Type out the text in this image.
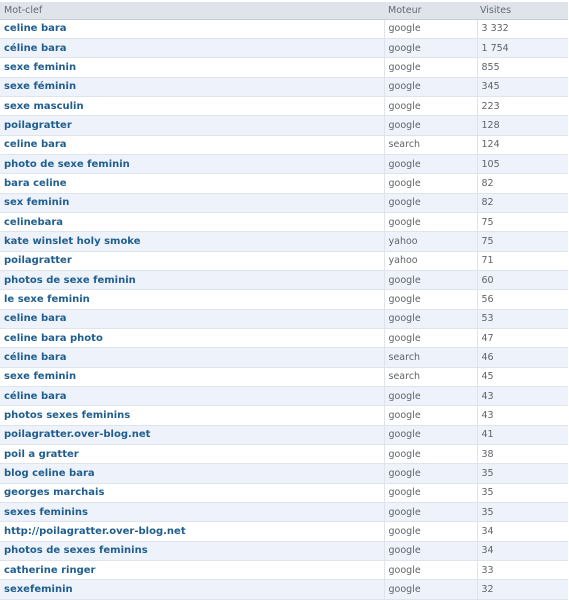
Mot-clef	Moteur	Visites
celine bara	google	3 332
céline bara	google	1 754
sexe feminin	google	855
sexe féminin	google	345
sexe masculin	google	223
poilagratter	google	128
celine bara	search	124
photo de sexe feminin	google	105
bara celine	google	82
sex feminin	google	82
celinebara	google	75
kate winslet holy smoke	yahoo	75
poilagratter	yahoo	71
photos de sexe feminin	google	60
le sexe feminin	google	56
celine bara	google	53
celine bara photo	google	47
céline bara	search	46
sexe feminin	search	45
céline bara	google	43
photos sexes feminins	google	43
poilagratter.over-blog.net	google	41
poil a gratter	google	38
blog celine bara	google	35
georges marchais	google	35
sexes feminins	google	35
http://poilagratter.over-blog.net	google	34
photos de sexes feminins	google	34
catherine ringer	google	33
sexefeminin	google	32
